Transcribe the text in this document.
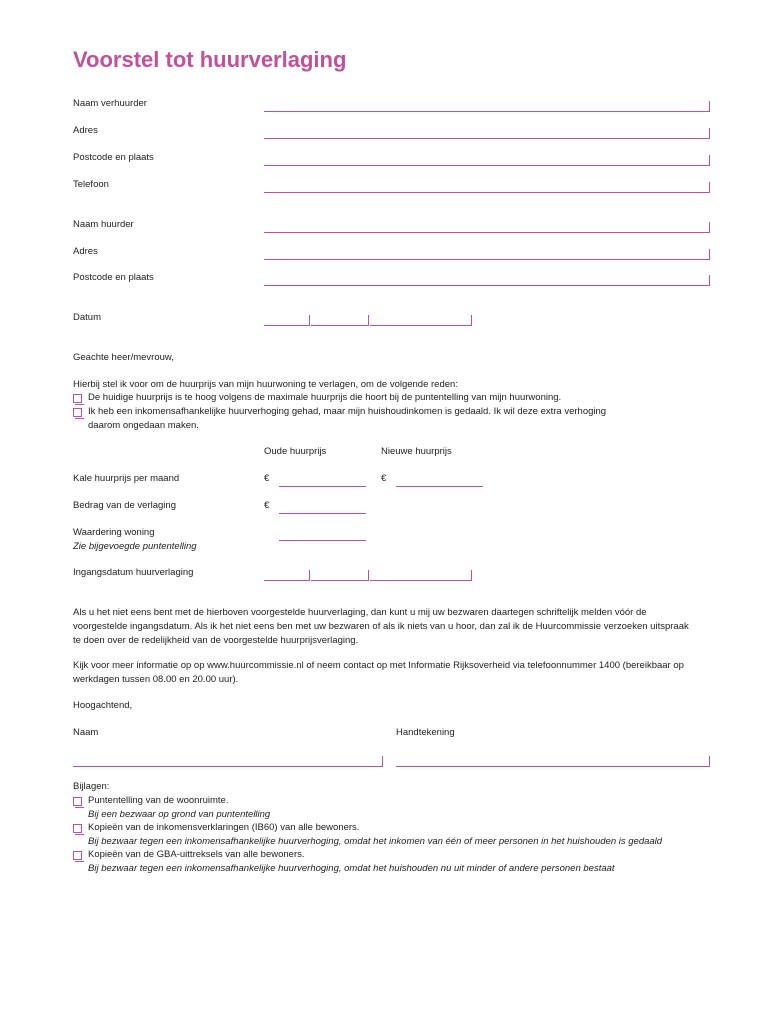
Voorstel tot huurverlaging
Naam verhuurder
Adres
Postcode en plaats
Telefoon
Naam huurder
Adres
Postcode en plaats
Datum
Geachte heer/mevrouw,
Hierbij stel ik voor om de huurprijs van mijn huurwoning te verlagen, om de volgende reden:
De huidige huurprijs is te hoog volgens de maximale huurprijs die hoort bij de puntentelling van mijn huurwoning.
Ik heb een inkomensafhankelijke huurverhoging gehad, maar mijn huishoudinkomen is gedaald. Ik wil deze extra verhoging
daarom ongedaan maken.
Oude huurprijs	Nieuwe huurprijs
Kale huurprijs per maand	€	€
Bedrag van de verlaging	€
Waardering woning
Zie bijgevoegde puntentelling
Ingangsdatum huurverlaging

Als u het niet eens bent met de hierboven voorgestelde huurverlaging, dan kunt u mij uw bezwaren daartegen schriftelijk melden vóór de voorgestelde ingangsdatum. Als ik het niet eens ben met uw bezwaren of als ik niets van u hoor, dan zal ik de Huurcommissie verzoeken uitspraak te doen over de redelijkheid van de voorgestelde huurprijsverlaging.

Kijk voor meer informatie op op www.huurcommissie.nl of neem contact op met Informatie Rijksoverheid via telefoonnummer 1400 (bereikbaar op werkdagen tussen 08.00 en 20.00 uur).

Hoogachtend,
Naam	Handtekening
Bijlagen:
Puntentelling van de woonruimte.
Bij een bezwaar op grond van puntentelling
Kopieën van de inkomensverklaringen (IB60) van alle bewoners.
Bij bezwaar tegen een inkomensafhankelijke huurverhoging, omdat het inkomen van één of meer personen in het huishouden is gedaald
Kopieën van de GBA-uittreksels van alle bewoners.
Bij bezwaar tegen een inkomensafhankelijke huurverhoging, omdat het huishouden nu uit minder of andere personen bestaat
